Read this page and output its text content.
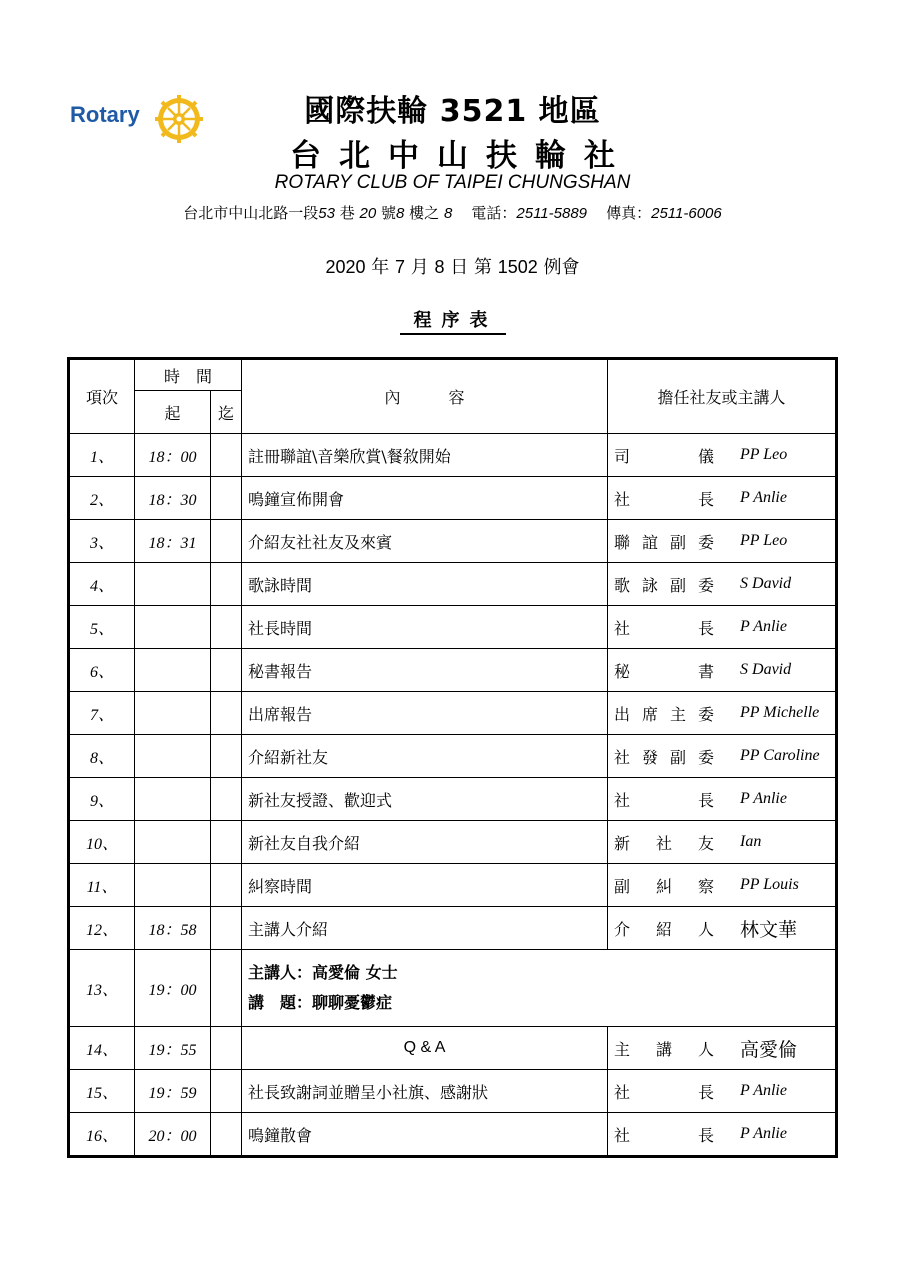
Rotary	國際扶輪 3521 地區
台北中山扶輪社
ROTARY CLUB OF TAIPEI CHUNGSHAN
台北市中山北路一段53 巷 20 號8 樓之 8 電話：2511-5889 傳真：2511-6006
2020 年 7 月 8 日 第 1502 例會
程序表
項次	時　間		內　　　容	擔任社友或主講人
	起	迄		
1、	18：00		註冊聯誼\音樂欣賞\餐敘開始	司儀 PP Leo
2、	18：30		鳴鐘宣佈開會	社長 P Anlie
3、	18：31		介紹友社社友及來賓	聯誼副委 PP Leo
4、			歌詠時間	歌詠副委 S David
5、			社長時間	社長 P Anlie
6、			秘書報告	秘書 S David
7、			出席報告	出席主委 PP Michelle
8、			介紹新社友	社發副委 PP Caroline
9、			新社友授證、歡迎式	社長 P Anlie
10、			新社友自我介紹	新社友 Ian
11、			糾察時間	副糾察 PP Louis
12、	18：58		主講人介紹	介紹人 林文華
13、	19：00		主講人：高愛倫 女士
講　題：聊聊憂鬱症	

14、	19：55		Q & A	主講人 高愛倫
15、	19：59		社長致謝詞並贈呈小社旗、感謝狀	社長 P Anlie
16、	20：00		鳴鐘散會	社長 P Anlie
